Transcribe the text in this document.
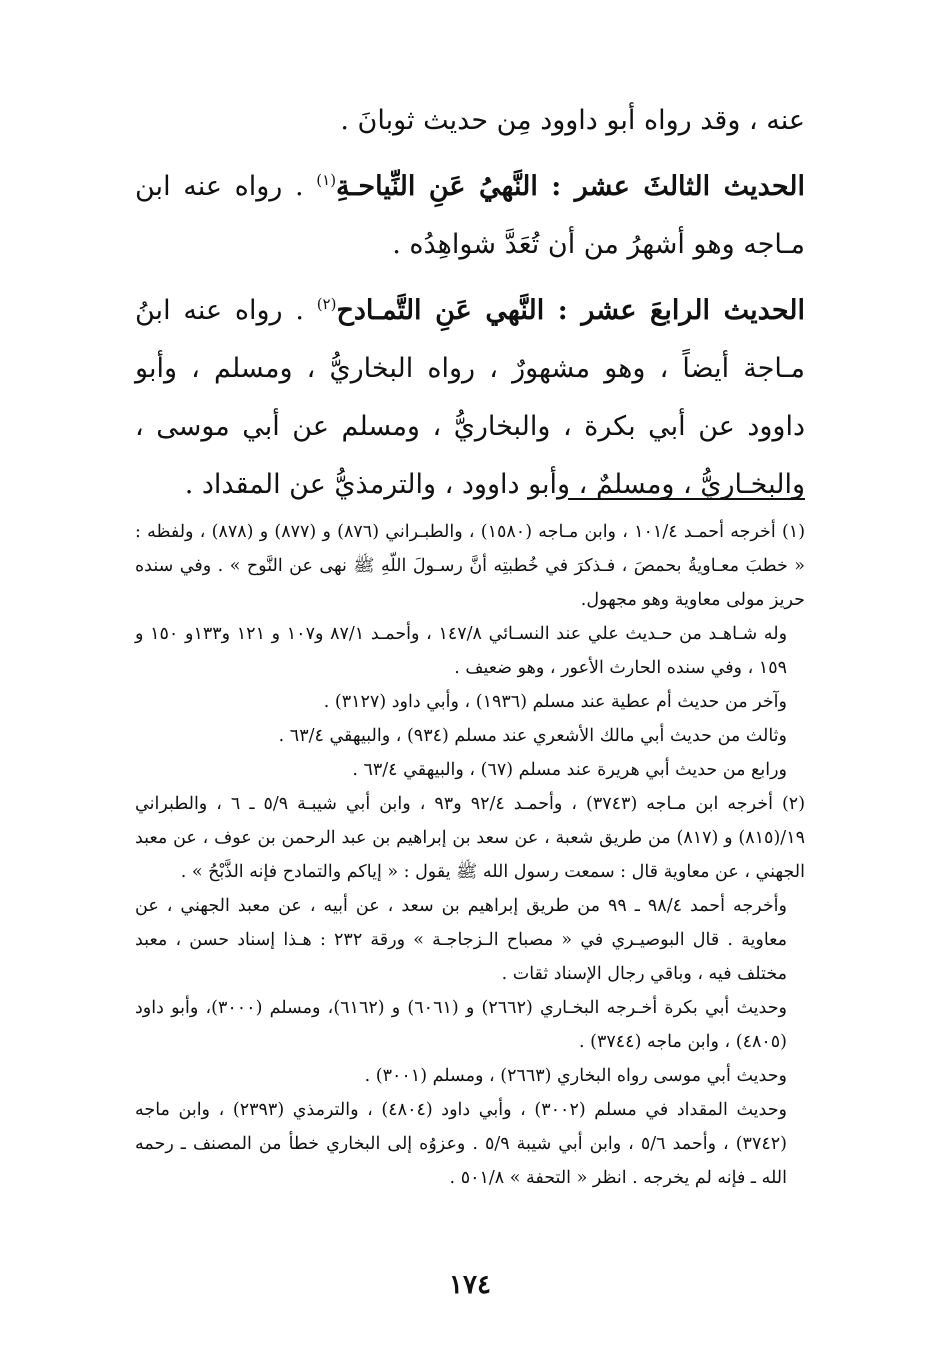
عنه ، وقد رواه أبو داوود مِن حديث ثوبانَ .

الحديث الثالثَ عشر : النَّهيُ عَنِ النِّياحـةِ$^{(١)}$ . رواه عنه ابن مـاجه وهو أشهرُ من أن تُعَدَّ شواهِدُه .

الحديث الرابعَ عشر : النَّهي عَنِ التَّمـادح$^{(٢)}$ . رواه عنه ابنُ مـاجة أيضاً ، وهو مشهورٌ ، رواه البخاريُّ ، ومسلم ، وأبو داوود عن أبي بكرة ، والبخاريُّ ، ومسلم عن أبي موسى ، والبخـاريُّ ، ومسلمٌ ، وأبو داوود ، والترمذيُّ عن المقداد .

(١) أخرجه أحمـد ١٠١/٤ ، وابن مـاجه (١٥٨٠) ، والطبـراني (٨٧٦) و (٨٧٧) و (٨٧٨) ، ولفظه : « خطبَ معـاويةُ بحمصَ ، فـذكرَ في خُطبتِه أنَّ رسـولَ اللّهِ ﷺ نهى عن النَّوح » . وفي سنده حريز مولى معاوية وهو مجهول.

وله شـاهـد من حـديث علي عند النسـائي ١٤٧/٨ ، وأحمـد ٨٧/١ و١٠٧ و ١٢١ و١٣٣و ١٥٠ و ١٥٩ ، وفي سنده الحارث الأعور ، وهو ضعيف .

وآخر من حديث أم عطية عند مسلم (١٩٣٦) ، وأبي داود (٣١٢٧) .

وثالث من حديث أبي مالك الأشعري عند مسلم (٩٣٤) ، والبيهقي ٦٣/٤ .

ورابع من حديث أبي هريرة عند مسلم (٦٧) ، والبيهقي ٦٣/٤ .

(٢) أخرجه ابن مـاجه (٣٧٤٣) ، وأحمـد ٩٢/٤ و٩٣ ، وابن أبي شيبـة ٥/٩ ـ ٦ ، والطبراني ١٩/(٨١٥) و (٨١٧) من طريق شعبة ، عن سعد بن إبراهيم بن عبد الرحمن بن عوف ، عن معبد الجهني ، عن معاوية قال : سمعت رسول الله ﷺ يقول : « إياكم والتمادح فإنه الذَّبْحُ » .

وأخرجه أحمد ٩٨/٤ ـ ٩٩ من طريق إبراهيم بن سعد ، عن أبيه ، عن معبد الجهني ، عن معاوية . قال البوصيـري في « مصباح الـزجاجـة » ورقة ٢٣٢ : هـذا إسناد حسن ، معبد مختلف فيه ، وباقي رجال الإسناد ثقات .

وحديث أبي بكرة أخـرجه البخـاري (٢٦٦٢) و (٦٠٦١) و (٦١٦٢)، ومسلم (٣٠٠٠)، وأبو داود (٤٨٠٥) ، وابن ماجه (٣٧٤٤) .

وحديث أبي موسى رواه البخاري (٢٦٦٣) ، ومسلم (٣٠٠١) .

وحديث المقداد في مسلم (٣٠٠٢) ، وأبي داود (٤٨٠٤) ، والترمذي (٢٣٩٣) ، وابن ماجه (٣٧٤٢) ، وأحمد ٥/٦ ، وابن أبي شيبة ٥/٩ . وعزوُه إلى البخاري خطأ من المصنف ـ رحمه الله ـ فإنه لم يخرجه . انظر « التحفة » ٥٠١/٨ .

١٧٤
